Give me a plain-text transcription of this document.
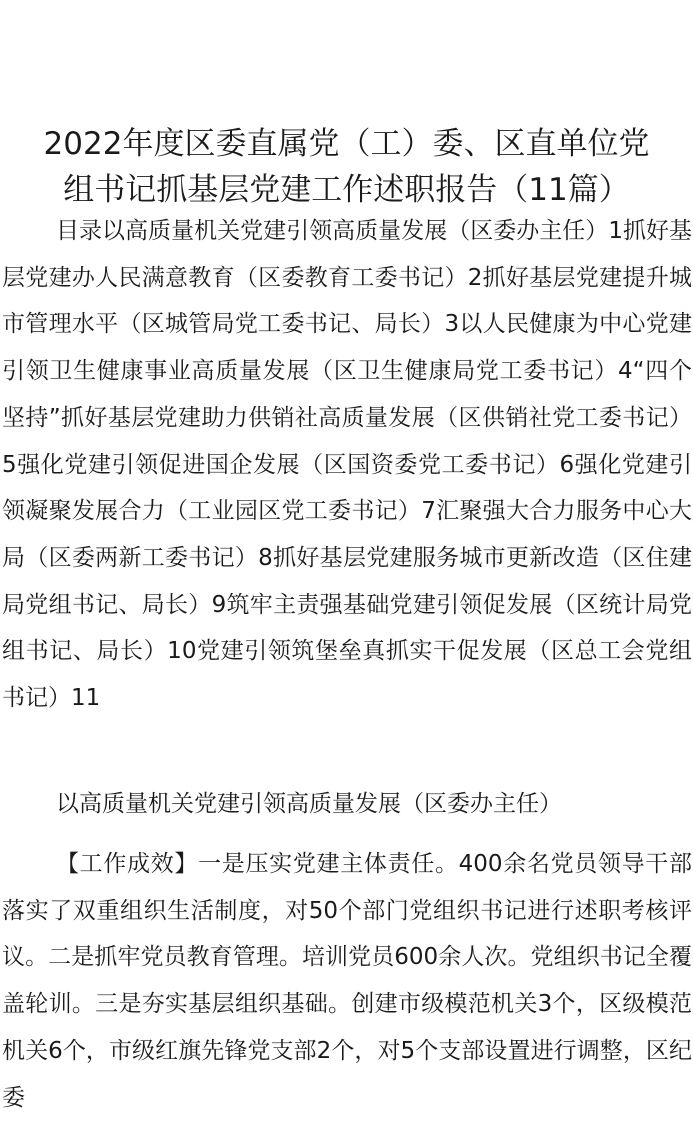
2022年度区委直属党（工）委、区直单位党
组书记抓基层党建工作述职报告（11篇）

目录以高质量机关党建引领高质量发展（区委办主任）1抓好基层党建办人民满意教育（区委教育工委书记）2抓好基层党建提升城市管理水平（区城管局党工委书记、局长）3以人民健康为中心党建引领卫生健康事业高质量发展（区卫生健康局党工委书记）4“四个坚持”抓好基层党建助力供销社高质量发展（区供销社党工委书记）5强化党建引领促进国企发展（区国资委党工委书记）6强化党建引领凝聚发展合力（工业园区党工委书记）7汇聚强大合力服务中心大局（区委两新工委书记）8抓好基层党建服务城市更新改造（区住建局党组书记、局长）9筑牢主责强基础党建引领促发展（区统计局党组书记、局长）10党建引领筑堡垒真抓实干促发展（区总工会党组书记）11

以高质量机关党建引领高质量发展（区委办主任）

【工作成效】一是压实党建主体责任。400余名党员领导干部落实了双重组织生活制度，对50个部门党组织书记进行述职考核评议。二是抓牢党员教育管理。培训党员600余人次。党组织书记全覆盖轮训。三是夯实基层组织基础。创建市级模范机关3个，区级模范机关6个，市级红旗先锋党支部2个，对5个支部设置进行调整，区纪委
